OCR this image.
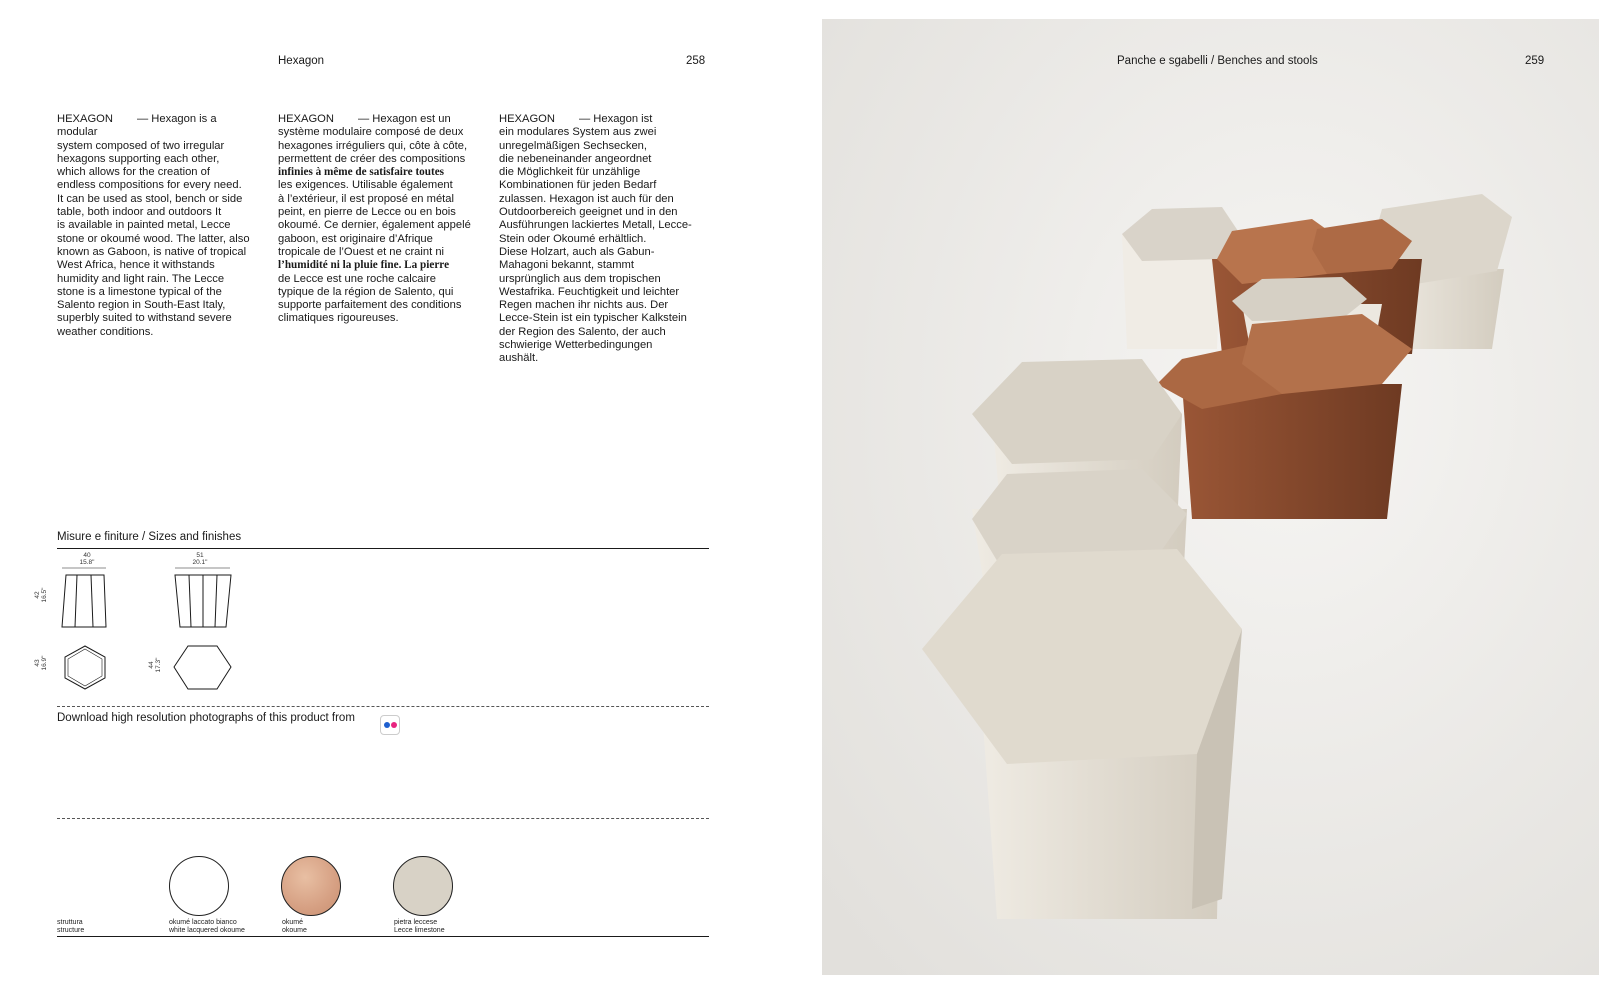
Hexagon	258
HEXAGON — Hexagon is a modular
system composed of two irregular
hexagons supporting each other,
which allows for the creation of
endless compositions for every need.
It can be used as stool, bench or side
table, both indoor and outdoors It
is available in painted metal, Lecce
stone or okoumé wood. The latter, also
known as Gaboon, is native of tropical
West Africa, hence it withstands
humidity and light rain. The Lecce
stone is a limestone typical of the
Salento region in South-East Italy,
superbly suited to withstand severe
weather conditions.
HEXAGON — Hexagon est un
système modulaire composé de deux
hexagones irréguliers qui, côte à côte,
permettent de créer des compositions
infinies à même de satisfaire toutes
les exigences. Utilisable également
à l’extérieur, il est proposé en métal
peint, en pierre de Lecce ou en bois
okoumé. Ce dernier, également appelé
gaboon, est originaire d’Afrique
tropicale de l’Ouest et ne craint ni
l’humidité ni la pluie fine. La pierre
de Lecce est une roche calcaire
typique de la région de Salento, qui
supporte parfaitement des conditions
climatiques rigoureuses.
HEXAGON — Hexagon ist
ein modulares System aus zwei
unregelmäßigen Sechsecken,
die nebeneinander angeordnet
die Möglichkeit für unzählige
Kombinationen für jeden Bedarf
zulassen. Hexagon ist auch für den
Outdoorbereich geeignet und in den
Ausführungen lackiertes Metall, Lecce-
Stein oder Okoumé erhältlich.
Diese Holzart, auch als Gabun-
Mahagoni bekannt, stammt
ursprünglich aus dem tropischen
Westafrika. Feuchtigkeit und leichter
Regen machen ihr nichts aus. Der
Lecce-Stein ist ein typischer Kalkstein
der Region des Salento, der auch
schwierige Wetterbedingungen
aushält.
Misure e finiture / Sizes and finishes
40
15.8"
42 16.5"
43 16.9"
51
20.1"
44 17.3"
Download high resolution photographs of this product from
struttura
structure
okumé laccato bianco
white lacquered okoume
okumé
okoume
pietra leccese
Lecce limestone
Panche e sgabelli / Benches and stools	259
